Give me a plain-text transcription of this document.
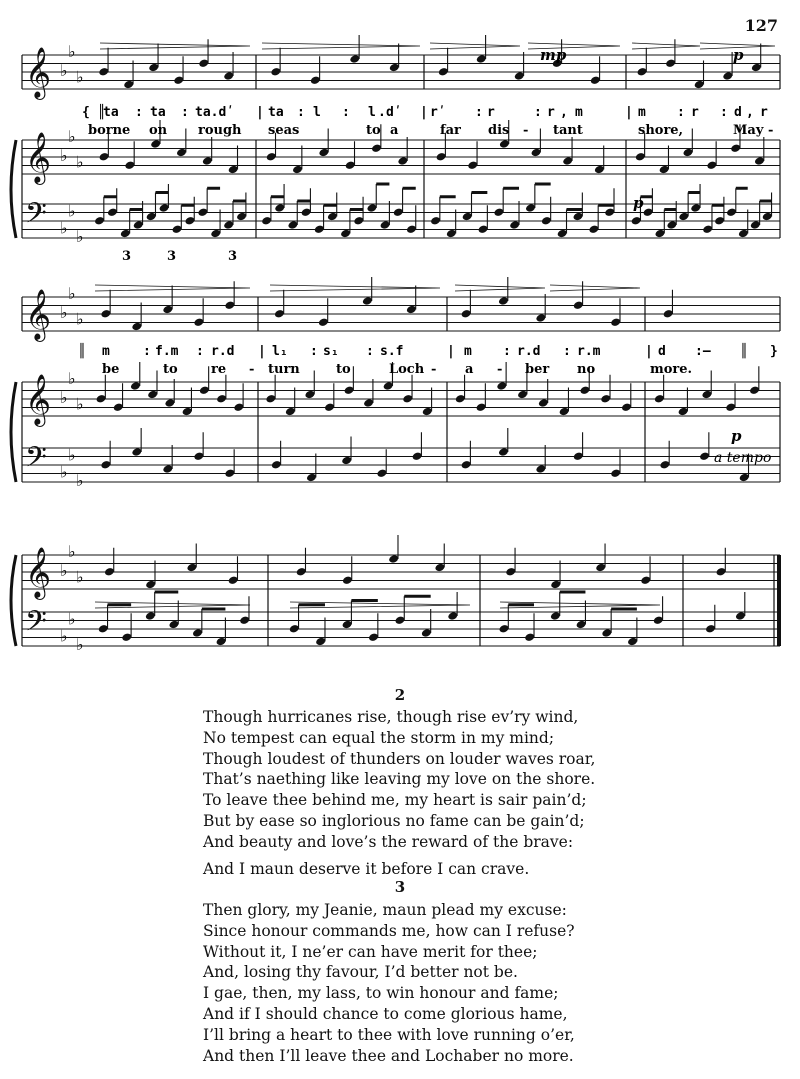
127
𝄞 ♭
♭
♭
𝄞 ♭
♭
♭
𝄢 ♭
♭
♭
𝄞 ♭
♭
♭
𝄞 ♭
♭
♭
𝄢 ♭
♭
♭
𝄞 ♭
♭
♭
𝄢 ♭
♭
♭
mp	p
p
{ ║
ta : ta : ta.dʹ | ta : l : l . dʹ | rʹ : r	: r , m	| m : r : d , r
borne on rough seas	to a	far dis - tant	shore,	May -
3	3	3
║ m	: f.m : r.d | l₁ : s₁ : s.f	| m : r.d : r.m	| d :— ║ }
be	to	re - turn	to	Loch - a - ber no	more.
p
a tempo
2
Though hurricanes rise, though rise ev’ry wind,
No tempest can equal the storm in my mind;
Though loudest of thunders on louder waves roar,
That’s naething like leaving my love on the shore.
To leave thee behind me, my heart is sair pain’d;
But by ease so inglorious no fame can be gain’d;
And beauty and love’s the reward of the brave:
And I maun deserve it before I can crave.
3
Then glory, my Jeanie, maun plead my excuse:
Since honour commands me, how can I refuse?
Without it, I ne’er can have merit for thee;
And, losing thy favour, I’d better not be.
I gae, then, my lass, to win honour and fame;
And if I should chance to come glorious hame,
I’ll bring a heart to thee with love running o’er,
And then I’ll leave thee and Lochaber no more.
